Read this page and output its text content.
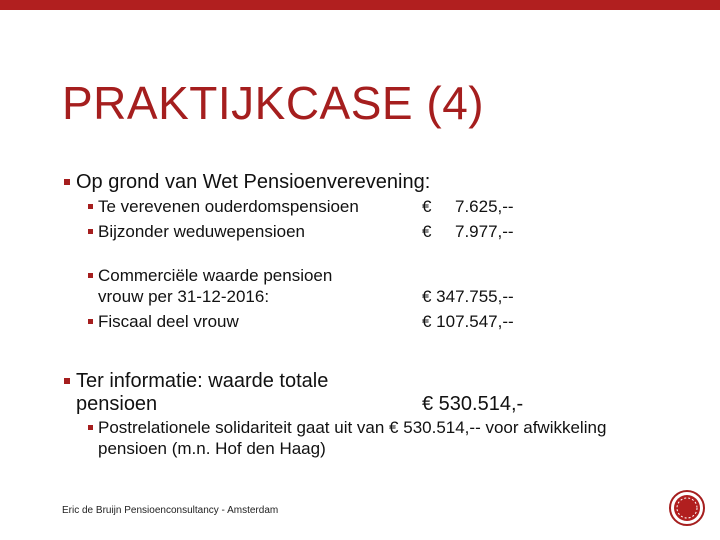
PRAKTIJKCASE (4)
Op grond van Wet Pensioenverevening:
Te verevenen ouderdomspensioen	€ 7.625,--
Bijzonder weduwepensioen	€ 7.977,--
Commerciële waarde pensioen
vrouw per 31-12-2016:	€ 347.755,--
Fiscaal deel vrouw	€ 107.547,--
Ter informatie: waarde totale
pensioen	€ 530.514,-
Postrelationele solidariteit gaat uit van € 530.514,-- voor afwikkeling
pensioen (m.n. Hof den Haag)
Eric de Bruijn Pensioenconsultancy - Amsterdam
